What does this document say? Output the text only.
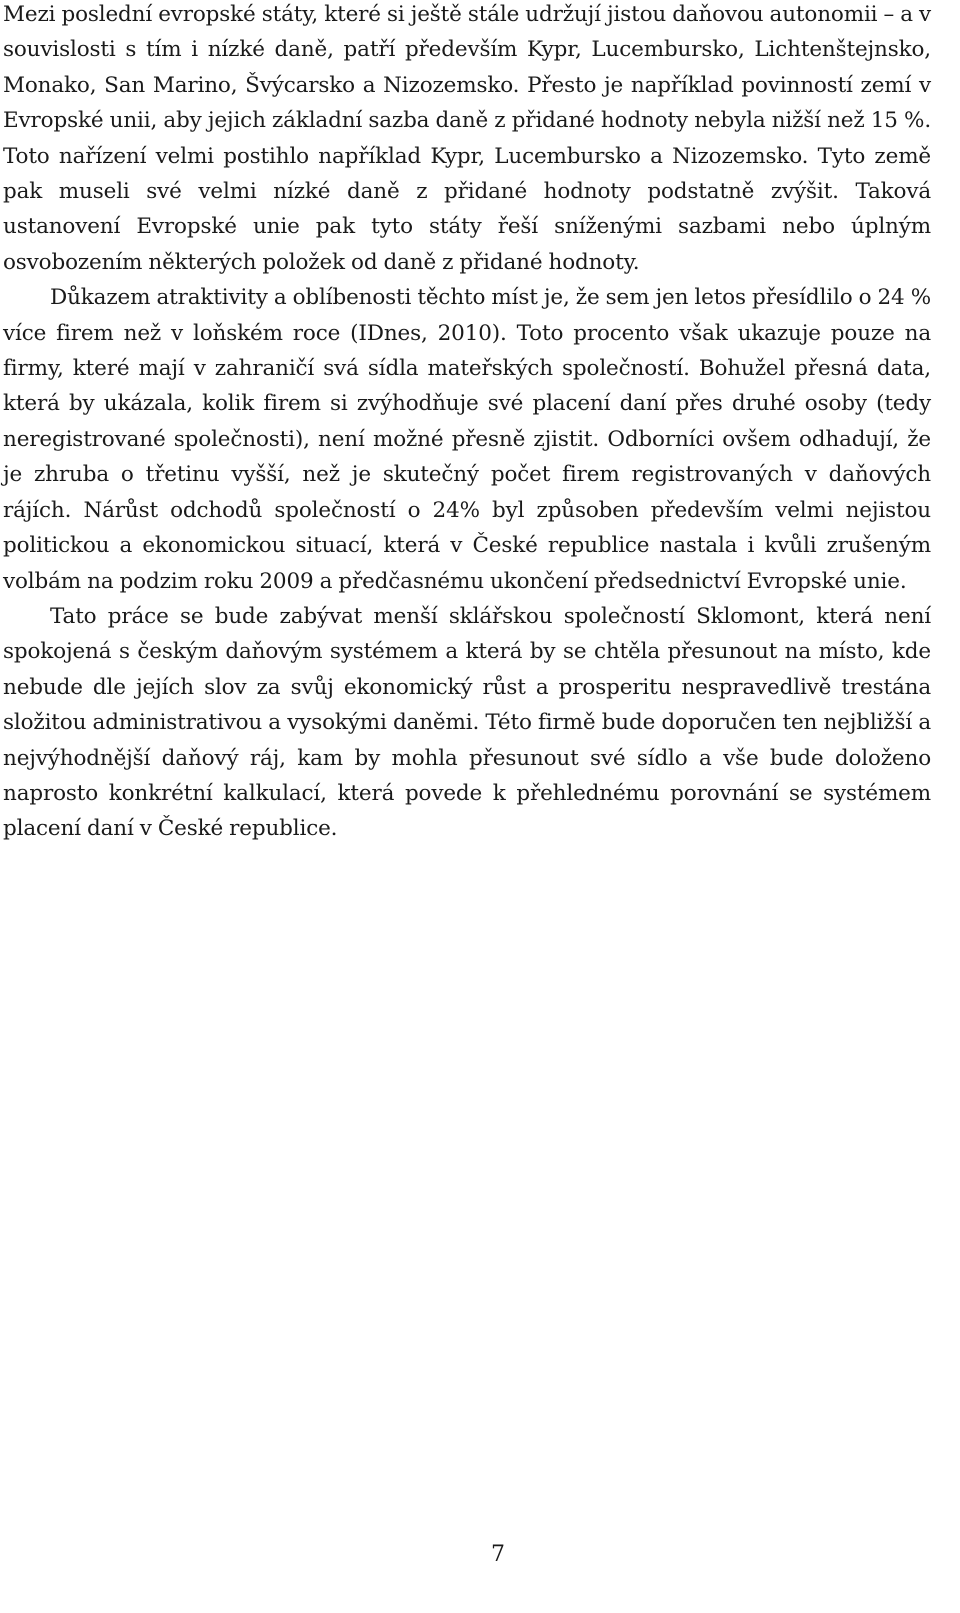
Mezi poslední evropské státy, které si ještě stále udržují jistou daňovou autonomii – a v souvislosti s tím i nízké daně, patří především Kypr, Lucembursko, Lichtenštejnsko, Monako, San Marino, Švýcarsko a Nizozemsko. Přesto je například povinností zemí v Evropské unii, aby jejich základní sazba daně z přidané hodnoty nebyla nižší než 15 %. Toto nařízení velmi postihlo například Kypr, Lucembursko a Nizozemsko. Tyto země pak museli své velmi nízké daně z přidané hodnoty podstatně zvýšit. Taková ustanovení Evropské unie pak tyto státy řeší sníženými sazbami nebo úplným osvobozením některých položek od daně z přidané hodnoty.

Důkazem atraktivity a oblíbenosti těchto míst je, že sem jen letos přesídlilo o 24 % více firem než v loňském roce (IDnes, 2010). Toto procento však ukazuje pouze na firmy, které mají v zahraničí svá sídla mateřských společností. Bohužel přesná data, která by ukázala, kolik firem si zvýhodňuje své placení daní přes druhé osoby (tedy neregistrované společnosti), není možné přesně zjistit. Odborníci ovšem odhadují, že je zhruba o třetinu vyšší, než je skutečný počet firem registrovaných v daňových rájích. Nárůst odchodů společností o 24% byl způsoben především velmi nejistou politickou a ekonomickou situací, která v České republice nastala i kvůli zrušeným volbám na podzim roku 2009 a předčasnému ukončení předsednictví Evropské unie.

Tato práce se bude zabývat menší sklářskou společností Sklomont, která není spokojená s českým daňovým systémem a která by se chtěla přesunout na místo, kde nebude dle jejích slov za svůj ekonomický růst a prosperitu nespravedlivě trestána složitou administrativou a vysokými daněmi. Této firmě bude doporučen ten nejbližší a nejvýhodnější daňový ráj, kam by mohla přesunout své sídlo a vše bude doloženo naprosto konkrétní kalkulací, která povede k přehlednému porovnání se systémem placení daní v České republice.

7
